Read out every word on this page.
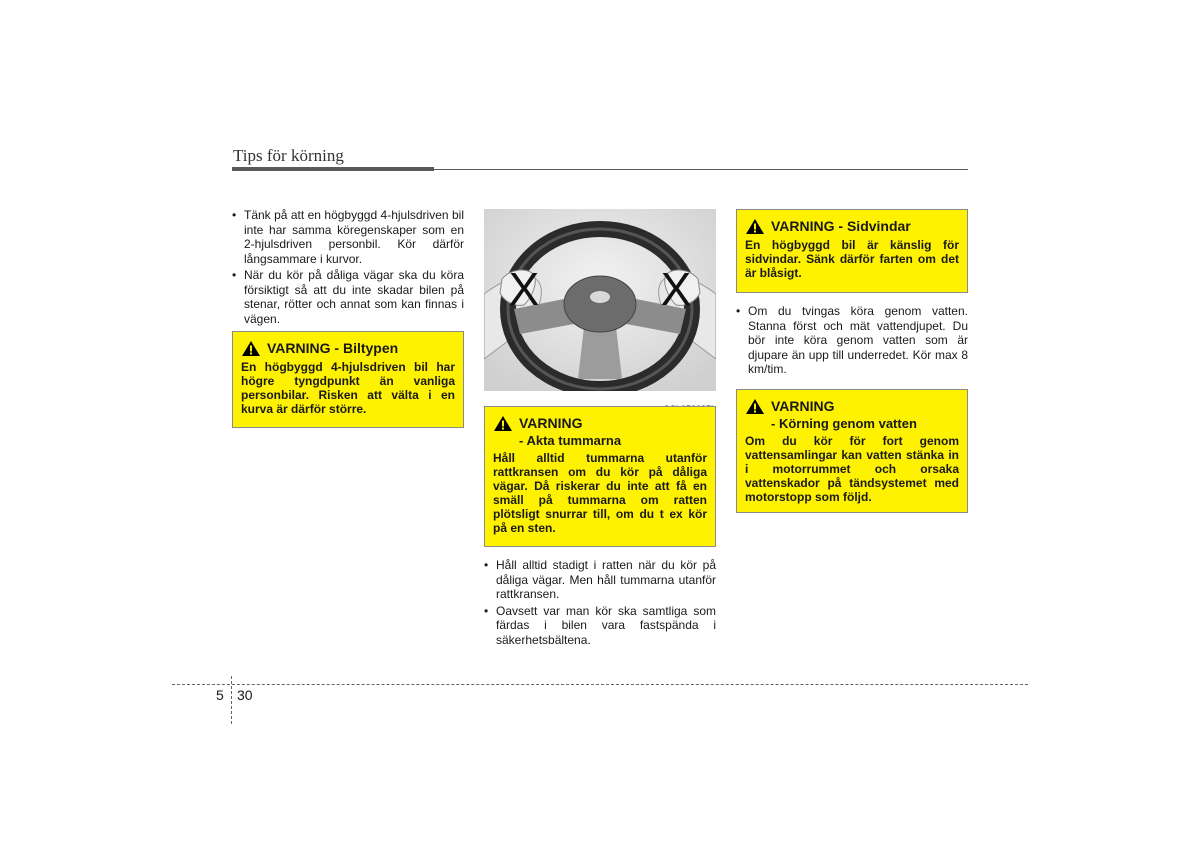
Tips för körning
• Tänk på att en högbyggd 4-hjulsdriven bil inte har samma köregenskaper som en 2-hjulsdriven personbil. Kör därför långsammare i kurvor.
• När du kör på dåliga vägar ska du köra försiktigt så att du inte skadar bilen på stenar, rötter och annat som kan finnas i vägen.
VARNING - Biltypen
En högbyggd 4-hjulsdriven bil har högre tyngdpunkt än vanliga personbilar. Risken att välta i en kurva är därför större.
X	X
VARNING
- Akta tummarna
Håll alltid tummarna utanför rattkransen om du kör på dåliga vägar. Då riskerar du inte att få en smäll på tummarna om ratten plötsligt snurrar till, om du t ex kör på en sten.
• Håll alltid stadigt i ratten när du kör på dåliga vägar. Men håll tummarna utanför rattkransen.
• Oavsett var man kör ska samtliga som färdas i bilen vara fastspända i säkerhetsbältena.
VARNING - Sidvindar
En högbyggd bil är känslig för sidvindar. Sänk därför farten om det är blåsigt.
• Om du tvingas köra genom vatten. Stanna först och mät vattendjupet. Du bör inte köra genom vatten som är djupare än upp till underredet. Kör max 8 km/tim.
VARNING
- Körning genom vatten
Om du kör för fort genom vattensamlingar kan vatten stänka in i motorrummet och orsaka vattenskador på tändsystemet med motorstopp som följd.
5 30
